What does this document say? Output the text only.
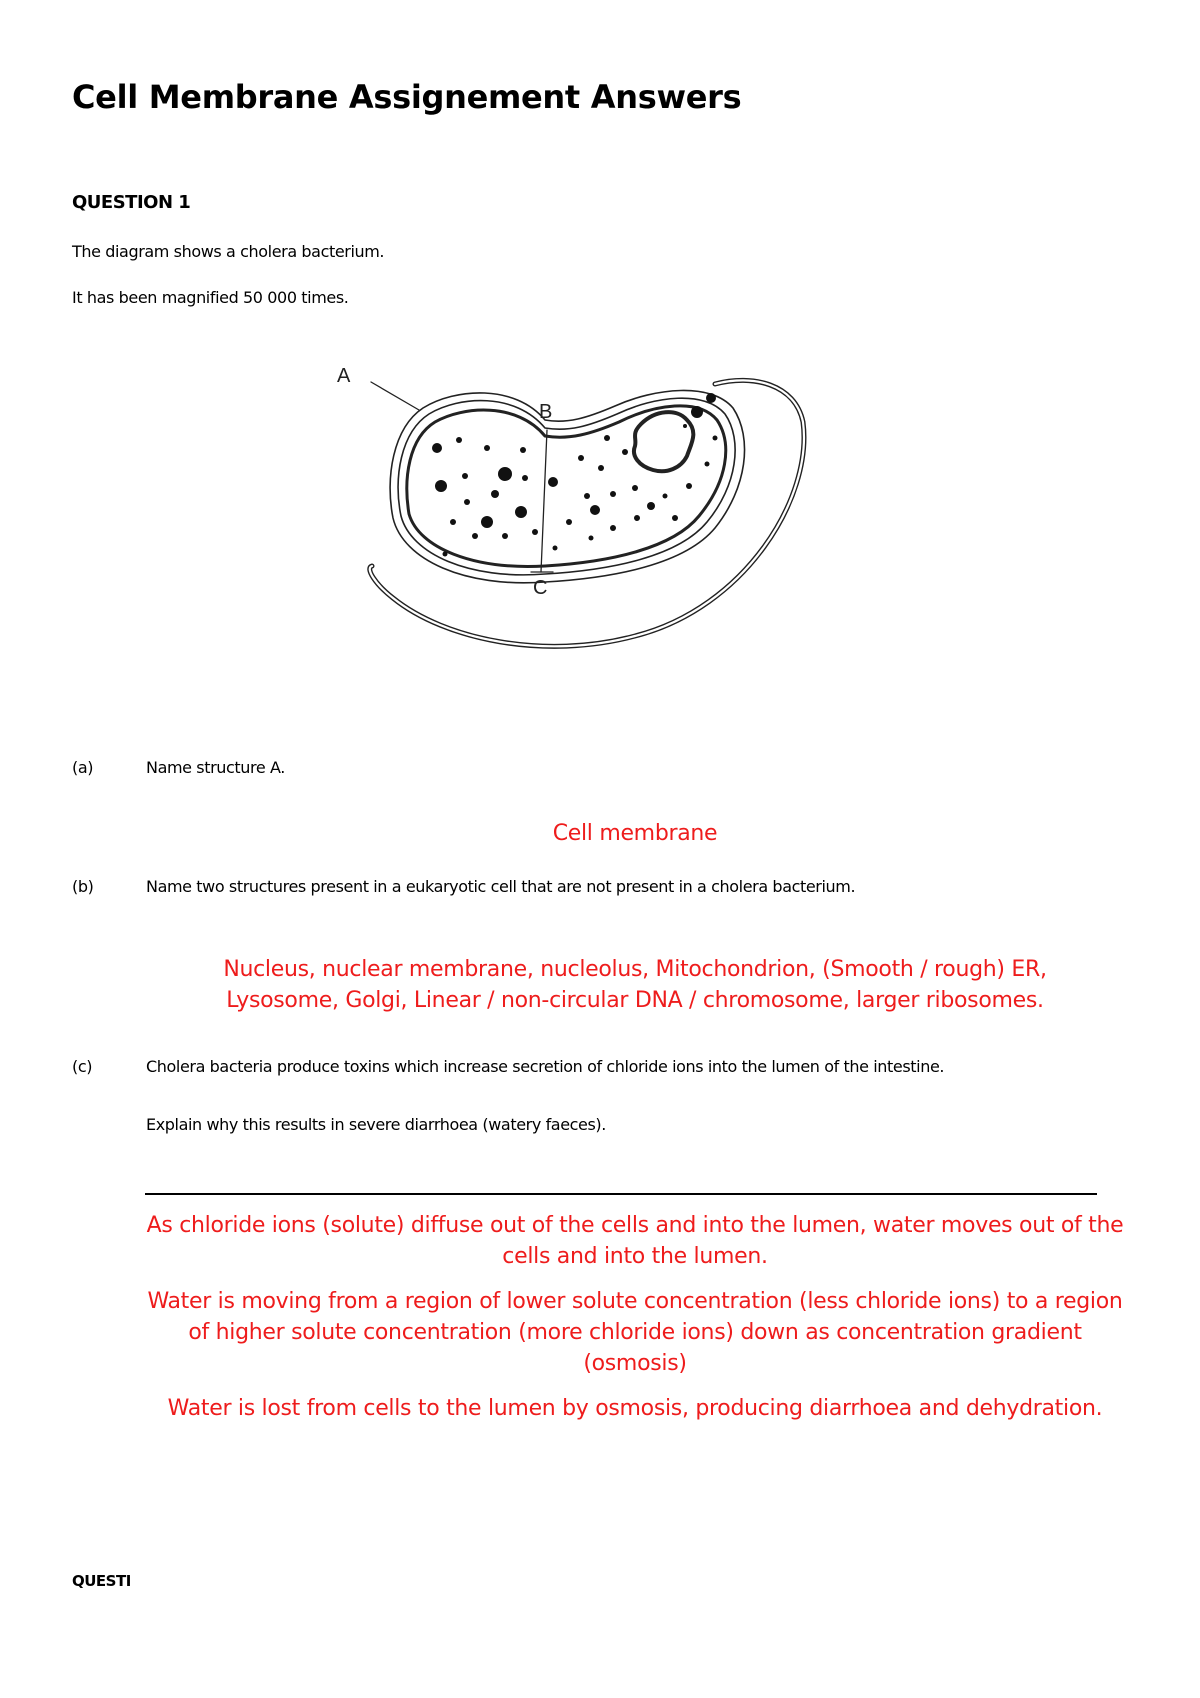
Cell Membrane Assignement Answers
QUESTION 1
The diagram shows a cholera bacterium.
It has been magnified 50 000 times.
A
B
C
(a)	Name structure A.
Cell membrane
(b)	Name two structures present in a eukaryotic cell that are not present in a cholera bacterium.
Nucleus, nuclear membrane, nucleolus, Mitochondrion, (Smooth / rough) ER,
Lysosome, Golgi, Linear / non-circular DNA / chromosome, larger ribosomes.
(c)	Cholera bacteria produce toxins which increase secretion of chloride ions into the lumen of the intestine.
Explain why this results in severe diarrhoea (watery faeces).

As chloride ions (solute) diffuse out of the cells and into the lumen, water moves out of the cells and into the lumen.

Water is moving from a region of lower solute concentration (less chloride ions) to a region of higher solute concentration (more chloride ions) down as concentration gradient (osmosis)

Water is lost from cells to the lumen by osmosis, producing diarrhoea and dehydration.

QUESTI
